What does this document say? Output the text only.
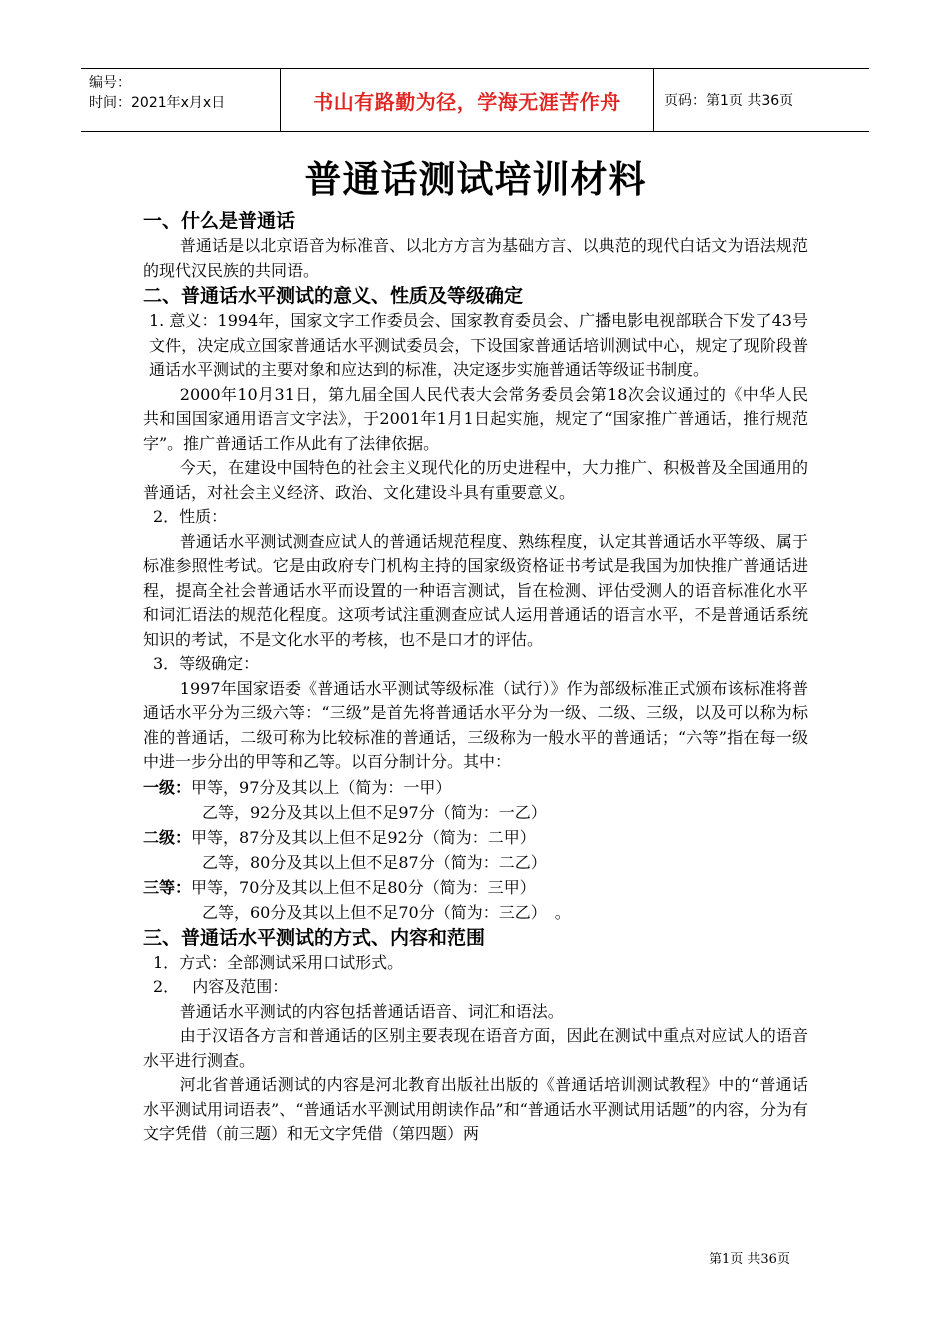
编号：
时间：2021年x月x日	书山有路勤为径，学海无涯苦作舟	页码：第1页 共36页
普通话测试培训材料
一、什么是普通话

普通话是以北京语音为标准音、以北方方言为基础方言、以典范的现代白话文为语法规范的现代汉民族的共同语。

二、普通话水平测试的意义、性质及等级确定

1. 意义：1994年，国家文字工作委员会、国家教育委员会、广播电影电视部联合下发了43号文件，决定成立国家普通话水平测试委员会，下设国家普通话培训测试中心，规定了现阶段普通话水平测试的主要对象和应达到的标准，决定逐步实施普通话等级证书制度。

2000年10月31日，第九届全国人民代表大会常务委员会第18次会议通过的《中华人民共和国国家通用语言文字法》，于2001年1月1日起实施，规定了“国家推广普通话，推行规范字”。推广普通话工作从此有了法律依据。

今天，在建设中国特色的社会主义现代化的历史进程中，大力推广、积极普及全国通用的普通话，对社会主义经济、政治、文化建设斗具有重要意义。

2．性质：

普通话水平测试测查应试人的普通话规范程度、熟练程度，认定其普通话水平等级、属于标准参照性考试。它是由政府专门机构主持的国家级资格证书考试是我国为加快推广普通话进程，提高全社会普通话水平而设置的一种语言测试，旨在检测、评估受测人的语音标准化水平和词汇语法的规范化程度。这项考试注重测查应试人运用普通话的语言水平，不是普通话系统知识的考试，不是文化水平的考核，也不是口才的评估。

3．等级确定：

1997年国家语委《普通话水平测试等级标准（试行）》作为部级标准正式颁布该标准将普通话水平分为三级六等：“三级”是首先将普通话水平分为一级、二级、三级，以及可以称为标准的普通话，二级可称为比较标准的普通话，三级称为一般水平的普通话；“六等”指在每一级中进一步分出的甲等和乙等。以百分制计分。其中：

一级：甲等，97分及其以上（简为：一甲）

乙等，92分及其以上但不足97分（简为：一乙）

二级：甲等，87分及其以上但不足92分（简为：二甲）

乙等，80分及其以上但不足87分（简为：二乙）

三等：甲等，70分及其以上但不足80分（简为：三甲）

乙等，60分及其以上但不足70分（简为：三乙）　。

三、普通话水平测试的方式、内容和范围
1．方式：全部测试采用口试形式。
2．　 内容及范围：

普通话水平测试的内容包括普通话语音、词汇和语法。

由于汉语各方言和普通话的区别主要表现在语音方面，因此在测试中重点对应试人的语音水平进行测查。

河北省普通话测试的内容是河北教育出版社出版的《普通话培训测试教程》中的“普通话水平测试用词语表”、“普通话水平测试用朗读作品”和“普通话水平测试用话题”的内容，分为有文字凭借（前三题）和无文字凭借（第四题）两

第1页 共36页
